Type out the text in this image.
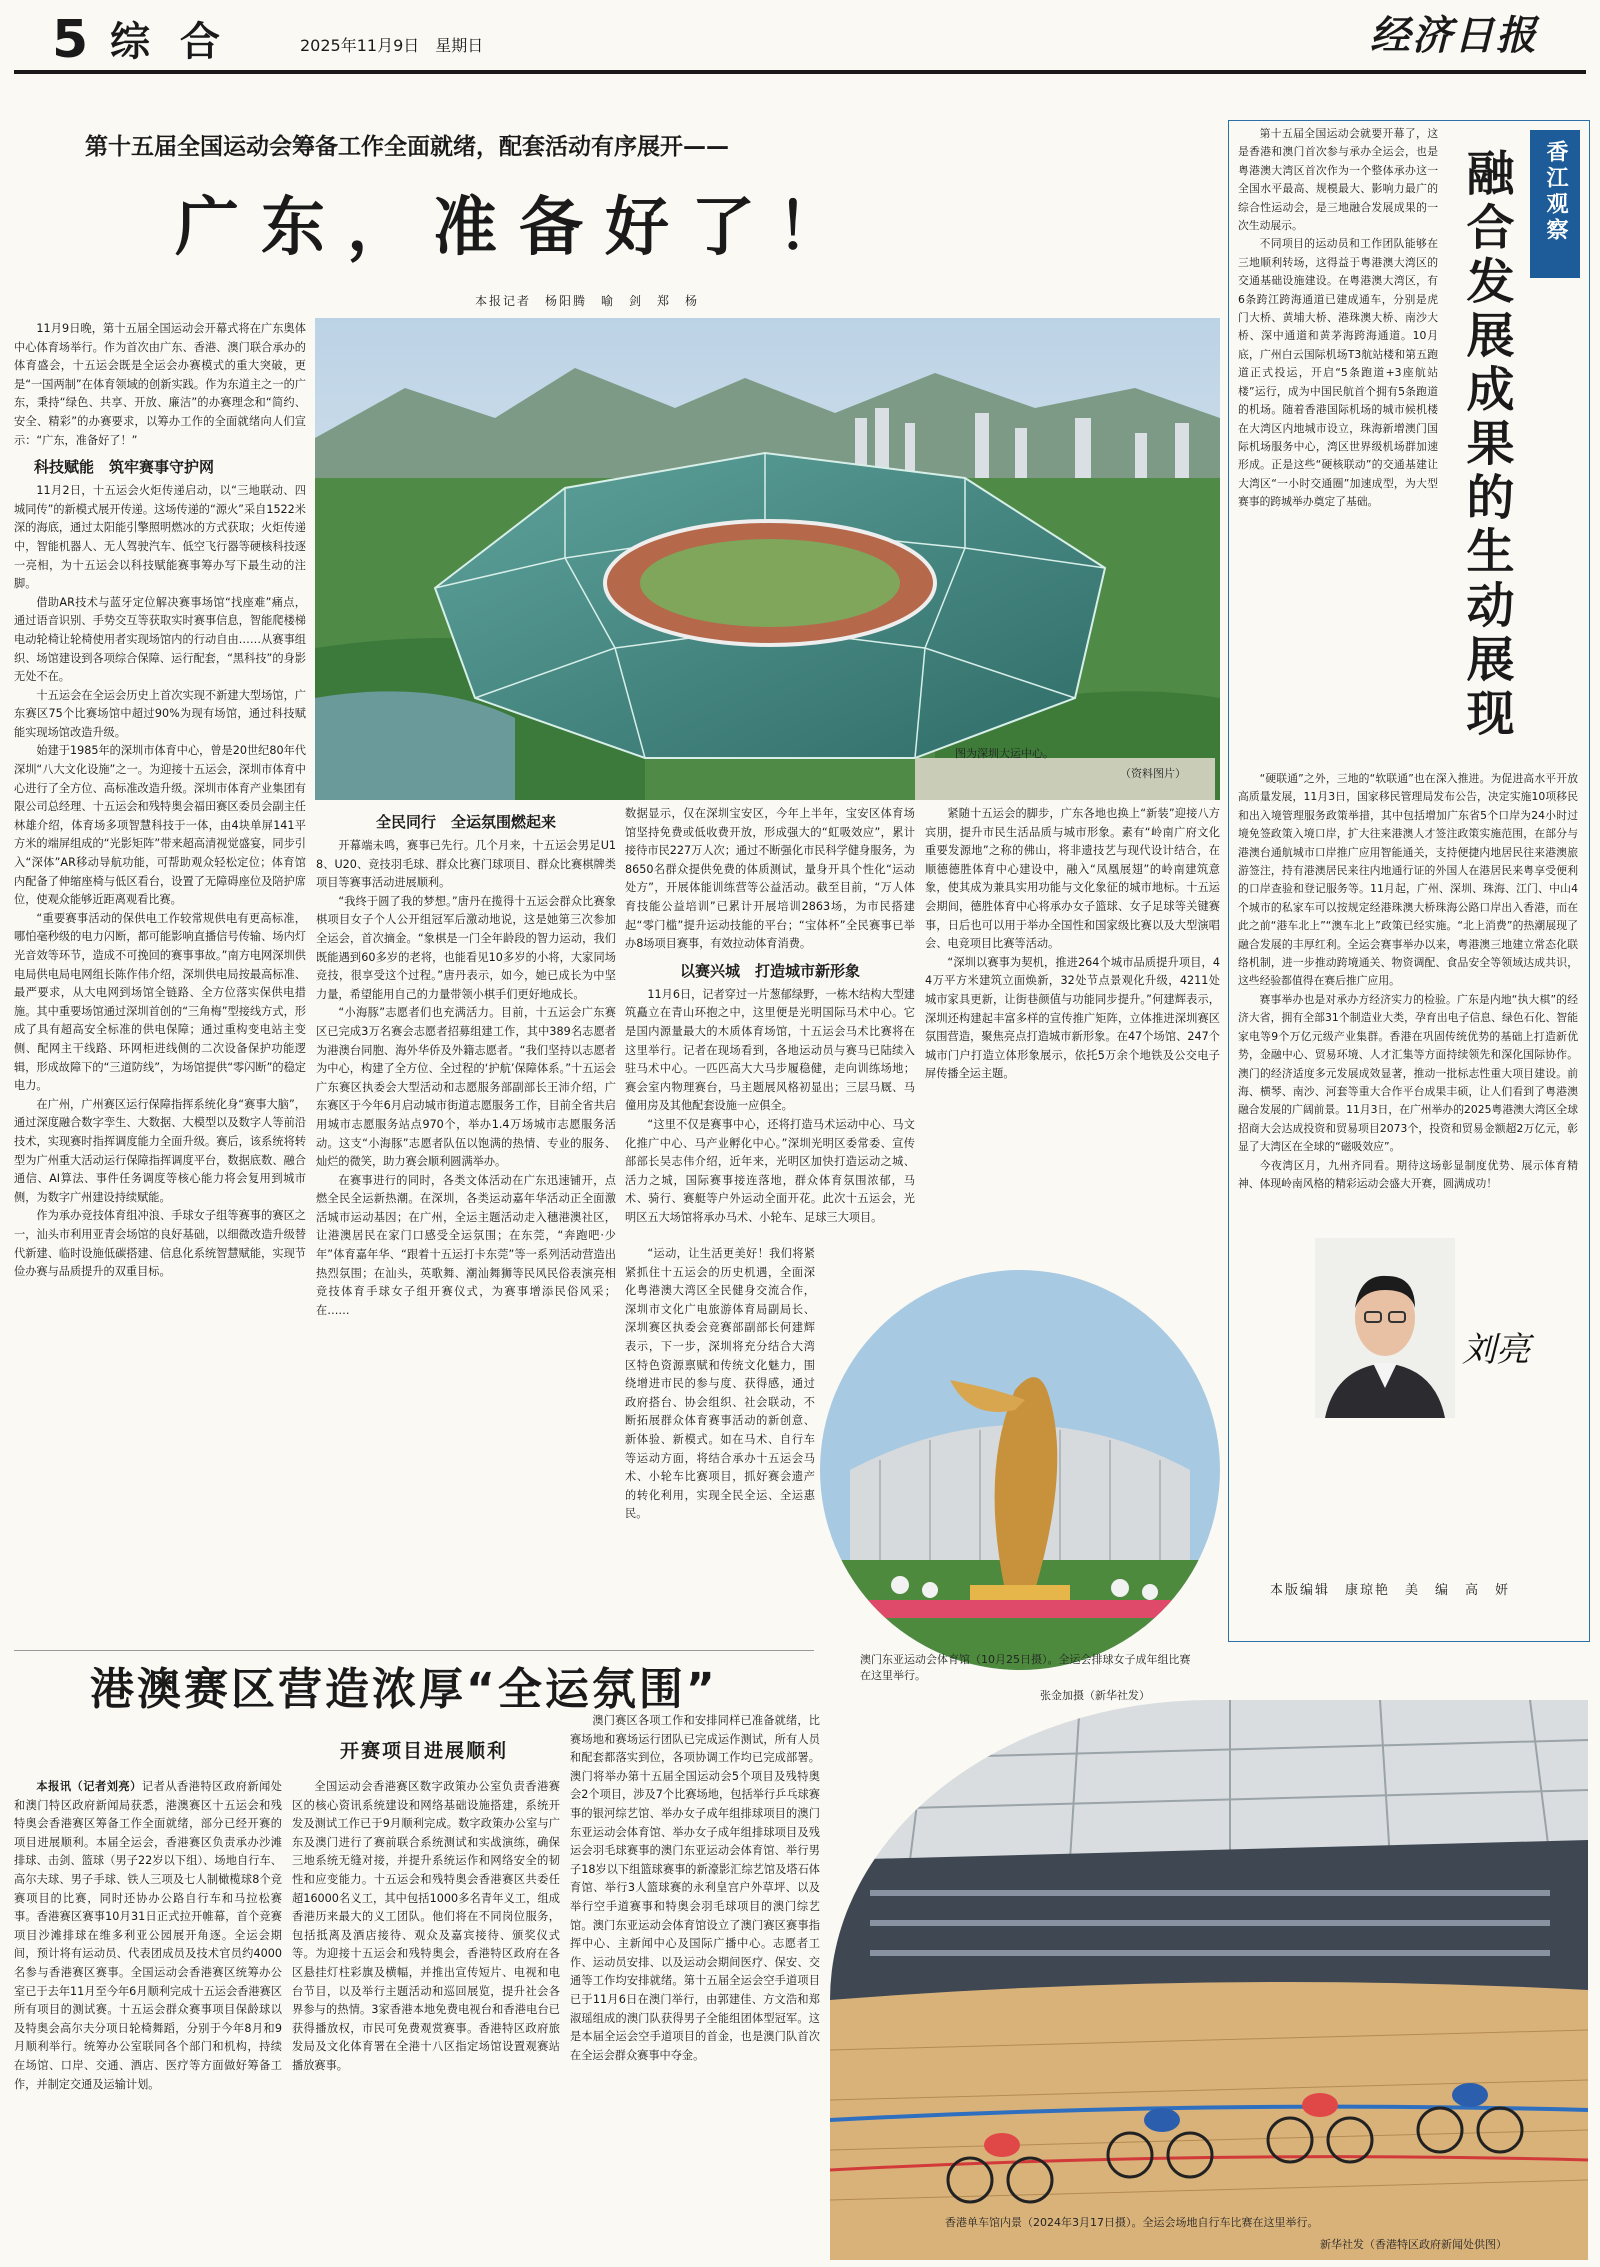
5 综 合	2025年11月9日　星期日	经济日报
第十五届全国运动会筹备工作全面就绪，配套活动有序展开——
广东，准备好了！
本报记者　杨阳腾　喻　剑　郑　杨
图为深圳大运中心。
（资料图片）

11月9日晚，第十五届全国运动会开幕式将在广东奥体中心体育场举行。作为首次由广东、香港、澳门联合承办的体育盛会，十五运会既是全运会办赛模式的重大突破，更是“一国两制”在体育领域的创新实践。作为东道主之一的广东，秉持“绿色、共享、开放、廉洁”的办赛理念和“简约、安全、精彩”的办赛要求，以筹办工作的全面就绪向人们宣示：“广东，准备好了！”

科技赋能　筑牢赛事守护网

11月2日，十五运会火炬传递启动，以“三地联动、四城同传”的新模式展开传递。这场传递的“源火”采自1522米深的海底，通过太阳能引擎照明燃冰的方式获取；火炬传递中，智能机器人、无人驾驶汽车、低空飞行器等硬核科技逐一亮相，为十五运会以科技赋能赛事筹办写下最生动的注脚。

借助AR技术与蓝牙定位解决赛事场馆“找座难”痛点，通过语音识别、手势交互等获取实时赛事信息，智能爬楼梯电动轮椅让轮椅使用者实现场馆内的行动自由……从赛事组织、场馆建设到各项综合保障、运行配套，“黑科技”的身影无处不在。

十五运会在全运会历史上首次实现不新建大型场馆，广东赛区75个比赛场馆中超过90%为现有场馆，通过科技赋能实现场馆改造升级。

始建于1985年的深圳市体育中心，曾是20世纪80年代深圳“八大文化设施”之一。为迎接十五运会，深圳市体育中心进行了全方位、高标准改造升级。深圳市体育产业集团有限公司总经理、十五运会和残特奥会福田赛区委员会副主任林雄介绍，体育场多项智慧科技于一体，由4块单屏141平方米的端屏组成的“光影矩阵”带来超高清视觉盛宴，同步引入“深体”AR移动导航功能，可帮助观众轻松定位；体育馆内配备了伸缩座椅与低区看台，设置了无障碍座位及陪护席位，使观众能够近距离观看比赛。

“重要赛事活动的保供电工作较常规供电有更高标准，哪怕毫秒级的电力闪断，都可能影响直播信号传输、场内灯光音效等环节，造成不可挽回的赛事事故。”南方电网深圳供电局供电局电网组长陈作伟介绍，深圳供电局按最高标准、最严要求，从大电网到场馆全链路、全方位落实保供电措施。其中重要场馆通过深圳首创的“三角梅”型接线方式，形成了具有超高安全标准的供电保障；通过重构变电站主变侧、配网主干线路、环网柜进线侧的二次设备保护功能逻辑，形成故障下的“三道防线”，为场馆提供“零闪断”的稳定电力。

在广州，广州赛区运行保障指挥系统化身“赛事大脑”，通过深度融合数字孪生、大数据、大模型以及数字人等前沿技术，实现赛时指挥调度能力全面升级。赛后，该系统将转型为广州重大活动运行保障指挥调度平台，数据底数、融合通信、AI算法、事件任务调度等核心能力将会复用到城市侧，为数字广州建设持续赋能。

作为承办竞技体育组冲浪、手球女子组等赛事的赛区之一，汕头市利用亚青会场馆的良好基础，以细微改造升级替代新建、临时设施低碳搭建、信息化系统智慧赋能，实现节俭办赛与品质提升的双重目标。

全民同行　全运氛围燃起来

开幕端未鸣，赛事已先行。几个月来，十五运会男足U18、U20、竞技羽毛球、群众比赛门球项目、群众比赛棋牌类项目等赛事活动进展顺利。

“我终于圆了我的梦想。”唐丹在揽得十五运会群众比赛象棋项目女子个人公开组冠军后激动地说，这是她第三次参加全运会，首次摘金。“象棋是一门全年龄段的智力运动，我们既能遇到60多岁的老将，也能看见10多岁的小将，大家同场竞技，很享受这个过程。”唐丹表示，如今，她已成长为中坚力量，希望能用自己的力量带领小棋手们更好地成长。

“小海豚”志愿者们也充满活力。目前，十五运会广东赛区已完成3万名赛会志愿者招募组建工作，其中389名志愿者为港澳台同胞、海外华侨及外籍志愿者。“我们坚持以志愿者为中心，构建了全方位、全过程的‘护航’保障体系。”十五运会广东赛区执委会大型活动和志愿服务部副部长王沛介绍，广东赛区于今年6月启动城市街道志愿服务工作，目前全省共启用城市志愿服务站点970个，举办1.4万场城市志愿服务活动。这支“小海豚”志愿者队伍以饱满的热情、专业的服务、灿烂的微笑，助力赛会顺利圆满举办。

在赛事进行的同时，各类文体活动在广东迅速铺开，点燃全民全运新热潮。在深圳，各类运动嘉年华活动正全面激活城市运动基因；在广州，全运主题活动走入穗港澳社区，让港澳居民在家门口感受全运氛围；在东莞，“奔跑吧·少年”体育嘉年华、“跟着十五运打卡东莞”等一系列活动营造出热烈氛围；在汕头，英歌舞、潮汕舞狮等民风民俗表演亮相竞技体育手球女子组开赛仪式，为赛事增添民俗风采；在……

数据显示，仅在深圳宝安区，今年上半年，宝安区体育场馆坚持免费或低收费开放，形成强大的“虹吸效应”，累计接待市民227万人次；通过不断强化市民科学健身服务，为8650名群众提供免费的体质测试，量身开具个性化“运动处方”，开展体能训练营等公益活动。截至目前，“万人体育技能公益培训”已累计开展培训2863场，为市民搭建起“零门槛”提升运动技能的平台；“宝体杯”全民赛事已举办8场项目赛事，有效拉动体育消费。

以赛兴城　打造城市新形象

11月6日，记者穿过一片葱郁绿野，一栋木结构大型建筑矗立在青山环抱之中，这里便是光明国际马术中心。它是国内源量最大的木质体育场馆，十五运会马术比赛将在这里举行。记者在现场看到，各地运动员与赛马已陆续入驻马术中心。一匹匹高大大马步履稳健，走向训练场地；赛会室内物理赛台，马主题展风格初显出；三层马厩、马僮用房及其他配套设施一应俱全。

“这里不仅是赛事中心，还将打造马术运动中心、马文化推广中心、马产业孵化中心。”深圳光明区委常委、宣传部部长吴志伟介绍，近年来，光明区加快打造运动之城、活力之城，国际赛事接连落地，群众体育氛围浓郁，马术、骑行、赛艇等户外运动全面开花。此次十五运会，光明区五大场馆将承办马术、小轮车、足球三大项目。

紧随十五运会的脚步，广东各地也换上“新装”迎接八方宾朋，提升市民生活品质与城市形象。素有“岭南广府文化重要发源地”之称的佛山，将非遗技艺与现代设计结合，在顺德德胜体育中心建设中，融入“凤凰展翅”的岭南建筑意象，使其成为兼具实用功能与文化象征的城市地标。十五运会期间，德胜体育中心将承办女子篮球、女子足球等关键赛事，日后也可以用于举办全国性和国家级比赛以及大型演唱会、电竞项目比赛等活动。

“深圳以赛事为契机，推进264个城市品质提升项目，44万平方米建筑立面焕新，32处节点景观化升级，4211处城市家具更新，让街巷颜值与功能同步提升。”何建辉表示，深圳还构建起丰富多样的宣传推广矩阵，立体推进深圳赛区氛围营造，聚焦亮点打造城市新形象。在47个场馆、247个城市门户打造立体形象展示，依托5万余个地铁及公交电子屏传播全运主题。

“运动，让生活更美好！我们将紧紧抓住十五运会的历史机遇，全面深化粤港澳大湾区全民健身交流合作，深圳市文化广电旅游体育局副局长、深圳赛区执委会竞赛部副部长何建辉表示，下一步，深圳将充分结合大湾区特色资源禀赋和传统文化魅力，围绕增进市民的参与度、获得感，通过政府搭台、协会组织、社会联动，不断拓展群众体育赛事活动的新创意、新体验、新模式。如在马术、自行车等运动方面，将结合承办十五运会马术、小轮车比赛项目，抓好赛会遗产的转化利用，实现全民全运、全运惠民。

澳门东亚运动会体育馆（10月25日摄）。全运会排球女子成年组比赛在这里举行。
张金加摄（新华社发）
香江观察
融合发展成果的生动展现

第十五届全国运动会就要开幕了，这是香港和澳门首次参与承办全运会，也是粤港澳大湾区首次作为一个整体承办这一全国水平最高、规模最大、影响力最广的综合性运动会，是三地融合发展成果的一次生动展示。

不同项目的运动员和工作团队能够在三地顺利转场，这得益于粤港澳大湾区的交通基础设施建设。在粤港澳大湾区，有6条跨江跨海通道已建成通车，分别是虎门大桥、黄埔大桥、港珠澳大桥、南沙大桥、深中通道和黄茅海跨海通道。10月底，广州白云国际机场T3航站楼和第五跑道正式投运，开启“5条跑道+3座航站楼”运行，成为中国民航首个拥有5条跑道的机场。随着香港国际机场的城市候机楼在大湾区内地城市设立，珠海新增澳门国际机场服务中心，湾区世界级机场群加速形成。正是这些“硬核联动”的交通基建让大湾区“一小时交通圈”加速成型，为大型赛事的跨城举办奠定了基础。

“硬联通”之外，三地的“软联通”也在深入推进。为促进高水平开放高质量发展，11月3日，国家移民管理局发布公告，决定实施10项移民和出入境管理服务政策举措，其中包括增加广东省5个口岸为24小时过境免签政策入境口岸，扩大往来港澳人才签注政策实施范围，在部分与港澳台通航城市口岸推广应用智能通关，支持便捷内地居民往来港澳旅游签注，持有港澳居民来往内地通行证的外国人在港居民来粤享受便利的口岸查验和登记服务等。11月起，广州、深圳、珠海、江门、中山4个城市的私家车可以按规定经港珠澳大桥珠海公路口岸出入香港，而在此之前“港车北上”“澳车北上”政策已经实施。“北上消费”的热潮展现了融合发展的丰厚红利。全运会赛事举办以来，粤港澳三地建立常态化联络机制，进一步推动跨境通关、物资调配、食品安全等领域达成共识，这些经验都值得在赛后推广应用。

赛事举办也是对承办方经济实力的检验。广东是内地“执大棋”的经济大省，拥有全部31个制造业大类，孕育出电子信息、绿色石化、智能家电等9个万亿元级产业集群。香港在巩固传统优势的基础上打造新优势，金融中心、贸易环境、人才汇集等方面持续领先和深化国际协作。澳门的经济适度多元发展成效显著，推动一批标志性重大项目建设。前海、横琴、南沙、河套等重大合作平台成果丰硕，让人们看到了粤港澳融合发展的广阔前景。11月3日，在广州举办的2025粤港澳大湾区全球招商大会达成投资和贸易项目2073个，投资和贸易金额超2万亿元，彰显了大湾区在全球的“磁吸效应”。

今夜湾区月，九州齐同看。期待这场彰显制度优势、展示体育精神、体现岭南风格的精彩运动会盛大开赛，圆满成功！

刘亮
本版编辑　康琼艳　美　编　高　妍
港澳赛区营造浓厚“全运氛围”
开赛项目进展顺利

本报讯（记者刘亮）记者从香港特区政府新闻处和澳门特区政府新闻局获悉，港澳赛区十五运会和残特奥会香港赛区筹备工作全面就绪，部分已经开赛的项目进展顺利。本届全运会，香港赛区负责承办沙滩排球、击剑、篮球（男子22岁以下组）、场地自行车、高尔夫球、男子手球、铁人三项及七人制橄榄球8个竞赛项目的比赛，同时还协办公路自行车和马拉松赛事。香港赛区赛事10月31日正式拉开帷幕，首个竞赛项目沙滩排球在维多利亚公园展开角逐。全运会期间，预计将有运动员、代表团成员及技术官员约4000名参与香港赛区赛事。全国运动会香港赛区统筹办公室已于去年11月至今年6月顺利完成十五运会香港赛区所有项目的测试赛。十五运会群众赛事项目保龄球以及特奥会高尔夫分项日轮椅舞蹈，分别于今年8月和9月顺利举行。统筹办公室联同各个部门和机构，持续在场馆、口岸、交通、酒店、医疗等方面做好筹备工作，并制定交通及运输计划。

全国运动会香港赛区数字政策办公室负责香港赛区的核心资讯系统建设和网络基础设施搭建，系统开发及测试工作已于9月顺利完成。数字政策办公室与广东及澳门进行了赛前联合系统测试和实战演练，确保三地系统无缝对接，并提升系统运作和网络安全的韧性和应变能力。十五运会和残特奥会香港赛区共委任超16000名义工，其中包括1000多名青年义工，组成香港历来最大的义工团队。他们将在不同岗位服务，包括抵离及酒店接待、观众及嘉宾接待、颁奖仪式等。为迎接十五运会和残特奥会，香港特区政府在各区悬挂灯柱彩旗及横幅，并推出宣传短片、电视和电台节目，以及举行主题活动和巡回展览，提升社会各界参与的热情。3家香港本地免费电视台和香港电台已获得播放权，市民可免费观赏赛事。香港特区政府旅发局及文化体育署在全港十八区指定场馆设置观赛站播放赛事。

澳门赛区各项工作和安排同样已准备就绪，比赛场地和赛场运行团队已完成运作测试，所有人员和配套都落实到位，各项协调工作均已完成部署。澳门将举办第十五届全国运动会5个项目及残特奥会2个项目，涉及7个比赛场地，包括举行乒乓球赛事的银河综艺馆、举办女子成年组排球项目的澳门东亚运动会体育馆、举办女子成年组排球项目及残运会羽毛球赛事的澳门东亚运动会体育馆、举行男子18岁以下组篮球赛事的新濠影汇综艺馆及塔石体育馆、举行3人篮球赛的永利皇宫户外草坪、以及举行空手道赛事和特奥会羽毛球项目的澳门综艺馆。澳门东亚运动会体育馆设立了澳门赛区赛事指挥中心、主新闻中心及国际广播中心。志愿者工作、运动员安排、以及运动会期间医疗、保安、交通等工作均安排就绪。第十五届全运会空手道项目已于11月6日在澳门举行，由郭建佳、方文浩和郑淑瑶组成的澳门队获得男子全能组团体型冠军。这是本届全运会空手道项目的首金，也是澳门队首次在全运会群众赛事中夺金。

香港单车馆内景（2024年3月17日摄）。全运会场地自行车比赛在这里举行。
新华社发（香港特区政府新闻处供图）
